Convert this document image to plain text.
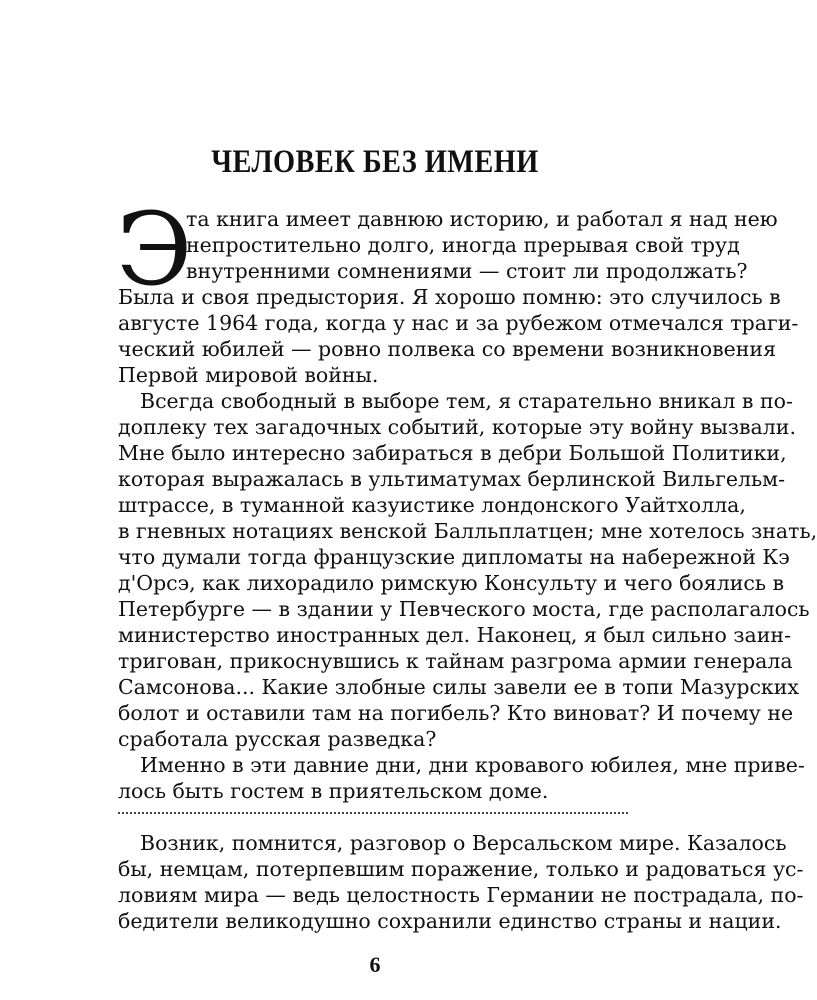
ЧЕЛОВЕК БЕЗ ИМЕНИ
Э
та книга имеет давнюю историю, и работал я над нею
непростительно долго, иногда прерывая свой труд
внутренними сомнениями — стоит ли продолжать?
Была и своя предыстория. Я хорошо помню: это случилось в
августе 1964 года, когда у нас и за рубежом отмечался траги-
ческий юбилей — ровно полвека со времени возникновения
Первой мировой войны.
Всегда свободный в выборе тем, я старательно вникал в по-
доплеку тех загадочных событий, которые эту войну вызвали.
Мне было интересно забираться в дебри Большой Политики,
которая выражалась в ультиматумах берлинской Вильгельм-
штрассе, в туманной казуистике лондонского Уайтхолла,
в гневных нотациях венской Балльплатцен; мне хотелось знать,
что думали тогда французские дипломаты на набережной Кэ
д'Орсэ, как лихорадило римскую Консульту и чего боялись в
Петербурге — в здании у Певческого моста, где располагалось
министерство иностранных дел. Наконец, я был сильно заин-
тригован, прикоснувшись к тайнам разгрома армии генерала
Самсонова... Какие злобные силы завели ее в топи Мазурских
болот и оставили там на погибель? Кто виноват? И почему не
сработала русская разведка?
Именно в эти давние дни, дни кровавого юбилея, мне приве-
лось быть гостем в приятельском доме.
Возник, помнится, разговор о Версальском мире. Казалось
бы, немцам, потерпевшим поражение, только и радоваться ус-
ловиям мира — ведь целостность Германии не пострадала, по-
бедители великодушно сохранили единство страны и нации.
6
